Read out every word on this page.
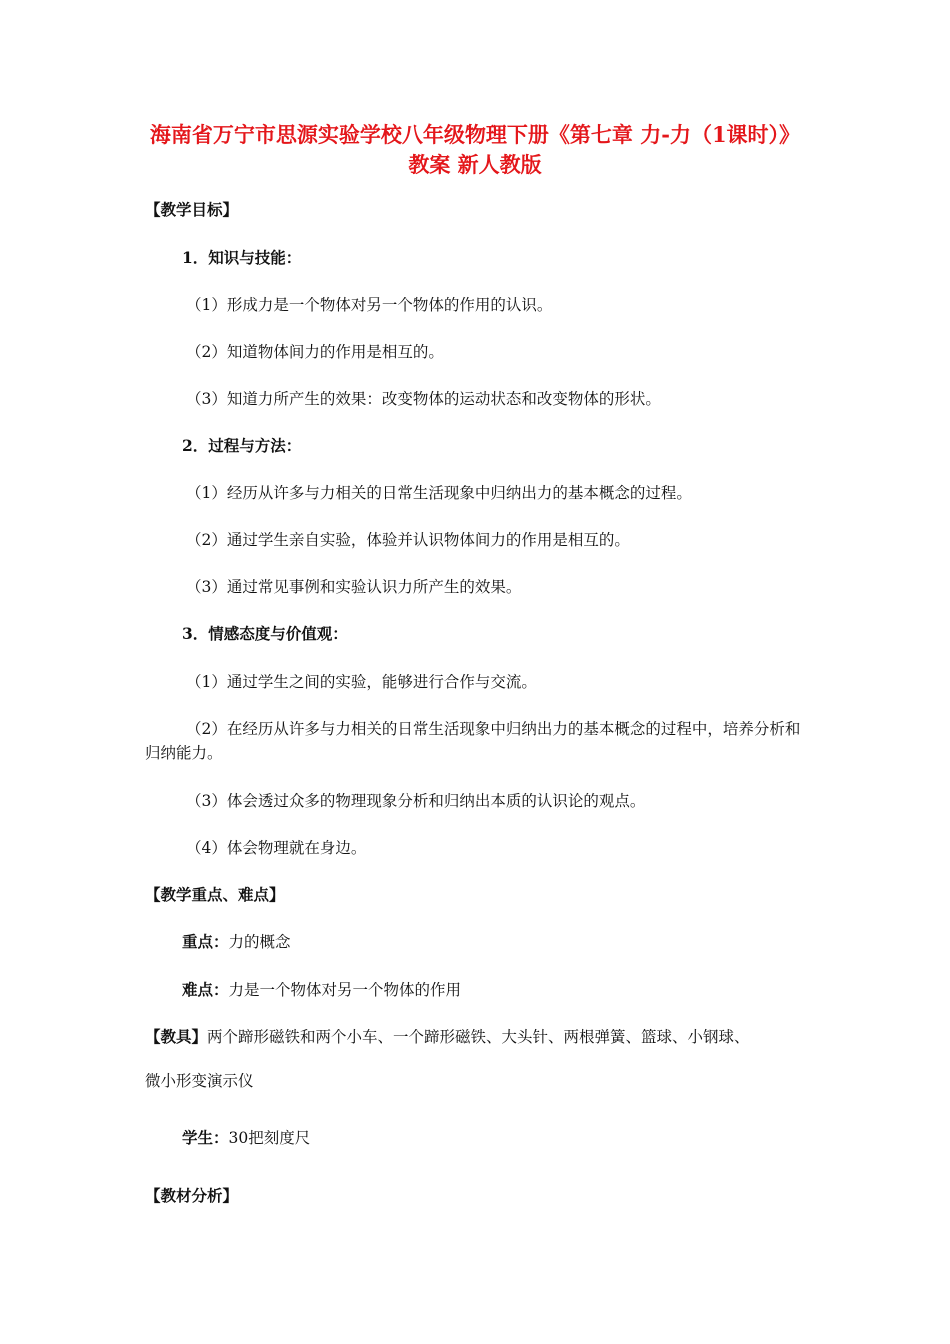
海南省万宁市思源实验学校八年级物理下册《第七章 力-力（1课时）》教案 新人教版
【教学目标】
1．知识与技能：
（1）形成力是一个物体对另一个物体的作用的认识。
（2）知道物体间力的作用是相互的。
（3）知道力所产生的效果：改变物体的运动状态和改变物体的形状。
2．过程与方法：
（1）经历从许多与力相关的日常生活现象中归纳出力的基本概念的过程。
（2）通过学生亲自实验，体验并认识物体间力的作用是相互的。
（3）通过常见事例和实验认识力所产生的效果。
3．情感态度与价值观：
（1）通过学生之间的实验，能够进行合作与交流。
（2）在经历从许多与力相关的日常生活现象中归纳出力的基本概念的过程中，培养分析和归纳能力。
（3）体会透过众多的物理现象分析和归纳出本质的认识论的观点。
（4）体会物理就在身边。
【教学重点、难点】
重点：力的概念
难点：力是一个物体对另一个物体的作用
【教具】两个蹄形磁铁和两个小车、一个蹄形磁铁、大头针、两根弹簧、篮球、小钢球、
微小形变演示仪
学生：30把刻度尺
【教材分析】
